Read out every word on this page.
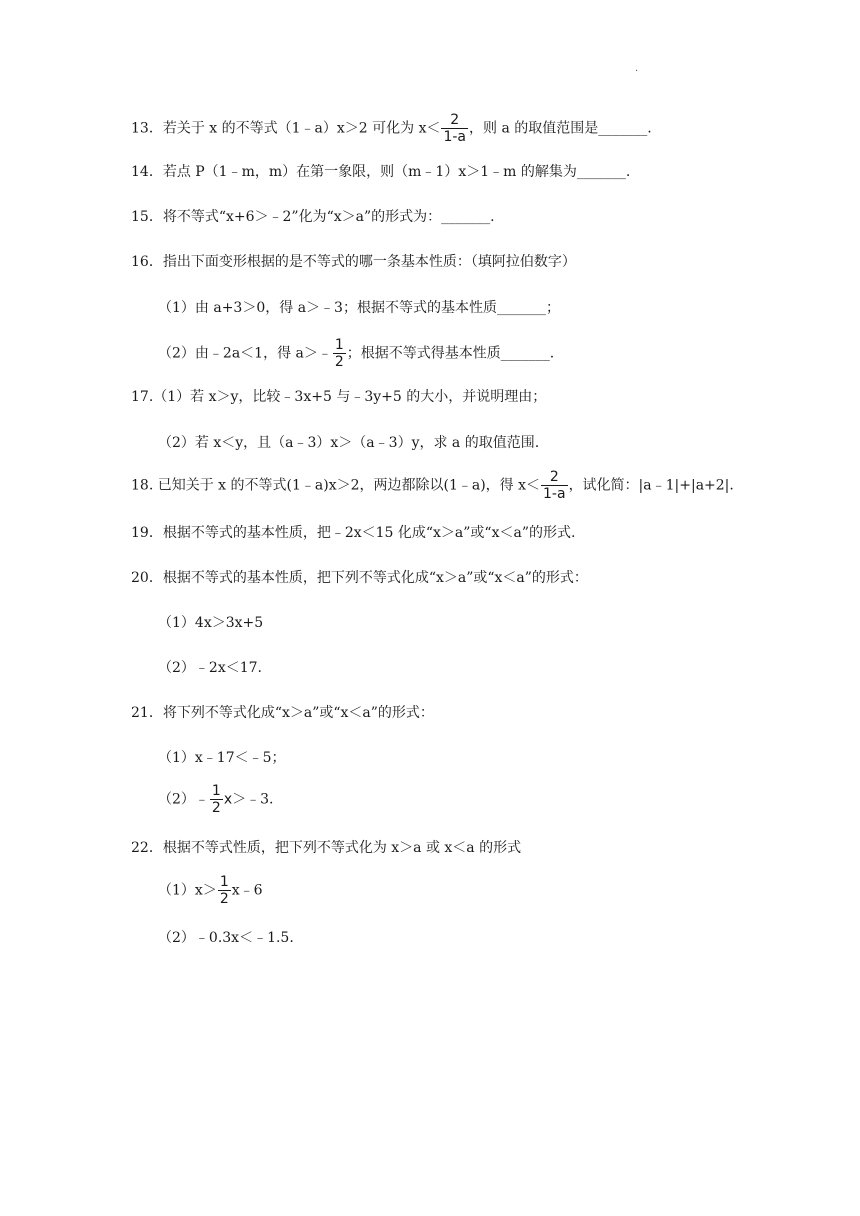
·
13．若关于 x 的不等式（1﹣a）x＞2 可化为 $x< \frac{2}{1-a}$ ，则 a 的取值范围是_______.
14．若点 P（1﹣m，m）在第一象限，则（m﹣1）x＞1﹣m 的解集为_______.
15．将不等式“x+6＞﹣2”化为“x＞a”的形式为：_______.
16．指出下面变形根据的是不等式的哪一条基本性质：（填阿拉伯数字）
（1）由 a+3＞0，得 a＞﹣3；根据不等式的基本性质_______；
（2）由﹣2a＜1，得 a＞﹣ $\frac{1}{2}$ ；根据不等式得基本性质_______.
17.（1）若 x＞y，比较﹣3x+5 与﹣3y+5 的大小，并说明理由；
（2）若 x＜y，且（a﹣3）x＞（a﹣3）y，求 a 的取值范围.
18. 已知关于 x 的不等式(1﹣a)x＞2，两边都除以(1﹣a)，得 $x< \frac{2}{1-a}$ ，试化简：|a﹣1|+|a+2|.
19．根据不等式的基本性质，把﹣2x＜15 化成“x＞a”或“x＜a”的形式.
20．根据不等式的基本性质，把下列不等式化成“x＞a”或“x＜a”的形式：
（1）4x＞3x+5
（2）﹣2x＜17.
21．将下列不等式化成“x＞a”或“x＜a”的形式：
（1）x﹣17＜﹣5；
（2）﹣ $\frac{1}{2}$ x＞﹣3.
22．根据不等式性质，把下列不等式化为 x＞a 或 x＜a 的形式
$(1)x> \frac{1}{2}$ x﹣6
（2）﹣0.3x＜﹣1.5.
